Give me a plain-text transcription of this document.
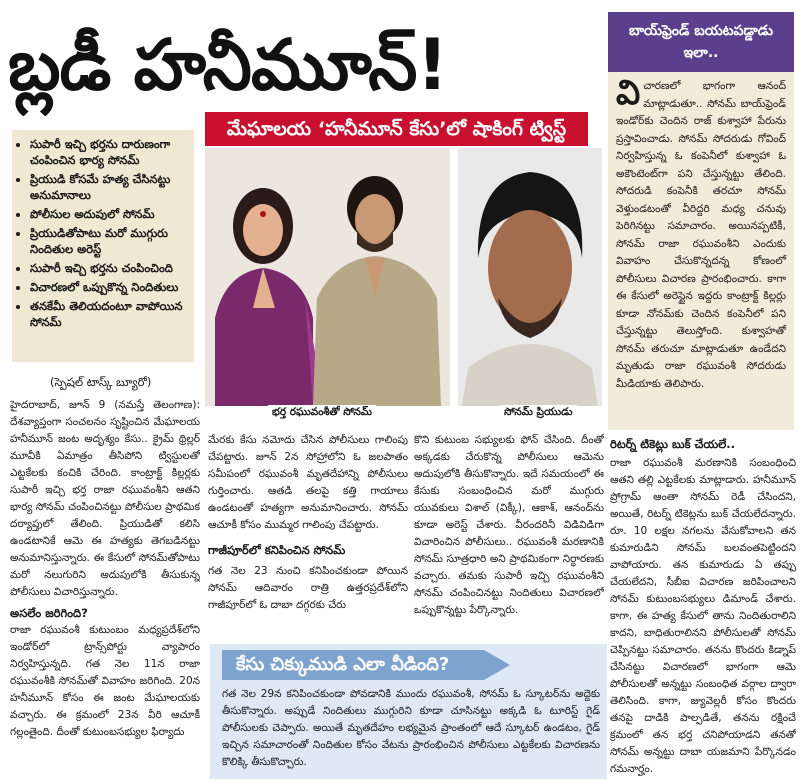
బ్లడీ హనీమూన్!	బాయ్‌ఫ్రెండ్ బయటపడ్డాడు ఇలా..
వి చారణలో భాగంగా ఆనంద్ మాట్లాడుతూ.. సోనమ్ బాయ్‌ఫ్రెండ్ ఇండోర్‌కు చెందిన రాజ్ కుశ్వాహా పేరును ప్రస్తావించాడు. సోనమ్ సోదరుడు గోవింద్ నిర్వహిస్తున్న ఓ కంపెనీలో కుశ్వాహా ఓ అకౌంటెంట్‌గా పని చేస్తున్నట్టు తేలింది. సోదరుడి కంపెనీకి తరచూ సోనమ్ వెళ్తుండటంతో వీరిద్దరి మధ్య చనువు పెరిగినట్టు సమాచారం. అయినప్పటికీ, సోనమ్ రాజా రఘువంశీని ఎందుకు వివాహం చేసుకొన్నదన్న కోణంలో పోలీసులు విచారణ ప్రారంభించారు. కాగా ఈ కేసులో అరెస్టైన ఇద్దరు కాంట్రాక్ట్ కిల్లర్లు కూడా నోనమ్‌కు చెందిన కంపెనీలో పని చేస్తున్నట్టు తెలుస్తోంది. కుశ్వాహతో సోనమ్ తరుచూ మాట్లాడుతూ ఉండేదని మృతుడు రాజా రఘువంశీ సోదరుడు మీడియాకు తెలిపారు.
• సుపారీ ఇచ్చి భర్తను దారుణంగా చంపించిన భార్య సోనమ్
• ప్రియుడి కోసమే హత్య చేసినట్టు అనుమానాలు
• పోలీసుల అదుపులో సోనమ్
• ప్రియుడితోపాటు మరో ముగ్గురు నిందితుల అరెస్ట్
• సుపారీ ఇచ్చి భర్తను చంపించింది
• విచారణలో ఒప్పుకొన్న నిందితులు
• తనకేమీ తెలియదంటూ వాపోయిన సోనమ్
(స్పెషల్ టాస్క్ బ్యూరో)
భర్త రఘువంశీతో సోనమ్	సోనమ్ ప్రియుడు
మేఘాలయ ‘హనీమూన్ కేసు’లో షాకింగ్ ట్విస్ట్
హైదరాబాద్, జూన్ 9 (నమస్తే తెలంగాణ): దేశవ్యాప్తంగా సంచలనం సృష్టించిన మేఘాలయ హనీమూన్ జంట అదృశ్యం కేసు.. క్రైమ్ థ్రిల్లర్ మూవీకి ఏమాత్రం తీసిపోని ట్విస్టులతో ఎట్టకేలకు కంచికి చేరింది. కాంట్రాక్ట్ కిల్లర్లకు సుపారీ ఇచ్చి భర్త రాజా రఘువంశీని ఆతని భార్య సోనమ్ చంపించినట్టు పోలీసుల ప్రాథమిక దర్యాప్తులో తేలింది. ప్రియుడితో కలిసి ఉండటానికే ఆమె ఈ హత్యకు తెగబడినట్టు అనుమానిస్తున్నారు. ఈ కేసులో సోనమ్‌తోపాటు మరో నలుగురిని అదుపులోకి తీసుకున్న పోలీసులు విచారిస్తున్నారు.
అసలేం జరిగింది?
రాజా రఘువంశీ కుటుంబం మధ్యప్రదేశ్‌లోని ఇండోర్‌లో ట్రాన్స్‌పోర్టు వ్యాపారం నిర్వహిస్తున్నది. గత నెల 11న రాజా రఘువంశీకి సోనమ్‌తో వివాహం జరిగింది. 20న హనీమూన్ కోసం ఈ జంట మేఘాలయకు వచ్చారు. ఈ క్రమంలో 23న వీరి ఆచూకీ గల్లంతైంది. దీంతో కుటుంబసభ్యుల ఫిర్యాదు
మేరకు కేసు నమోదు చేసిన పోలీసులు గాలింపు చేపట్టారు. జూన్ 2న సోహ్రాలోని ఓ జలపాతం సమీపంలో రఘువంశీ మృతదేహాన్ని పోలీసులు గుర్తించారు. ఆతడి తలపై కత్తి గాయాలు ఉండటంతో హత్యగా అనుమానించారు. సోనమ్ ఆచూకీ కోసం ముమ్మర గాలింపు చేపట్టారు.
గాజీపూర్‌లో కనిపించిన సోనమ్
గత నెల 23 నుంచి కనిపించకుండా పోయిన సోనమ్ ఆదివారం రాత్రి ఉత్తరప్రదేశ్‌లోని గాజీపూర్‌లో ఓ దాబా దగ్గరకు చేరు
కొని కుటుంబ సభ్యులకు ఫోన్ చేసింది. దీంతో అక్కడకు చేరుకొన్న పోలీసులు ఆమెను అదుపులోకి తీసుకొన్నారు. ఇదే సమయంలో ఈ కేసుకు సంబంధించిన మరో ముగ్గురు యువకులు విశాల్ (విక్కీ), ఆకాశ్, ఆనంద్‌ను కూడా అరెస్ట్ చేశారు. వీరందరినీ విడివిడిగా విచారించిన పోలీసులు.. రఘువంశీ మరణానికి సోనమ్ సూత్రధారి అని ప్రాథమికంగా నిర్ధారణకు వచ్చారు. తమకు సుపారీ ఇచ్చి రఘువంశీని సోనమ్ చంపించినట్టు నిందితులు విచారణలో ఒప్పుకొన్నట్టు పేర్కొన్నారు.
రిటర్న్ టికెట్లు బుక్ చేయలే..
రాజా రఘువంశీ మరణానికి సంబంధించి ఆతని తల్లి ఎట్టకేలకు మాట్లాడారు. హనీమూన్ ప్రోగ్రామ్ ఆంతా సోనమ్ రెడీ చేసిందని, అయితే, రిటర్న్ టికెట్లను బుక్ చేయలేదన్నారు. రూ. 10 లక్షల నగలను వేసుకోవాలని తన కుమారుడిని సోనమ్ బలవంతపెట్టిందని వాపోయారు. తన కుమారుడు ఏ తప్పు చేయలేదని, సీబీఐ విచారణ జరిపించాలని సోనమ్ కుటుంబసభ్యులు డిమాండ్ చేశారు. కాగా, ఈ హత్య కేసులో తాను నిందితురాలిని కాదని, బాధితురాలినని పోలీసులతో సోనమ్ చెప్పినట్టు సమాచారం. తనను కొందరు కిడ్నాప్ చేసినట్టు విచారణలో భాగంగా ఆమె పోలీసులతో అన్నట్టు సంబంధిత వర్గాల ద్వారా తెలిసింది. కాగా, జ్యువెల్లరీ కోసం కొందరు తనపై దాడికి పాల్పడితే, తనను రక్షించే క్రమంలో తన భర్త చనిపోయాడని తనతో సోనమ్ అన్నట్టు దాబా యజమాని పేర్కొనడం గమనార్హం.
కేసు చిక్కుముడి ఎలా వీడింది?
గత నెల 29న కనిపించకుండా పోవడానికి ముందు రఘువంశీ, సోనమ్ ఓ స్కూటర్‌ను అద్దెకు తీసుకొన్నారు. అప్పుడే నిందితులు ముగ్గురిని కూడా చూసినట్టు అక్కడి ఓ టూరిస్ట్ గైడ్ పోలీసులకు చెప్పారు. అయితే మృతదేహం లభ్యమైన ప్రాంతంలో ఆదే స్కూటర్ ఉండటం, గైడ్ ఇచ్చిన సమాచారంతో నిందితుల కోసం వేటను ప్రారంభించిన పోలీసులు ఎట్టకేలకు విచారణను కొలిక్కి తీసుకొచ్చారు.
